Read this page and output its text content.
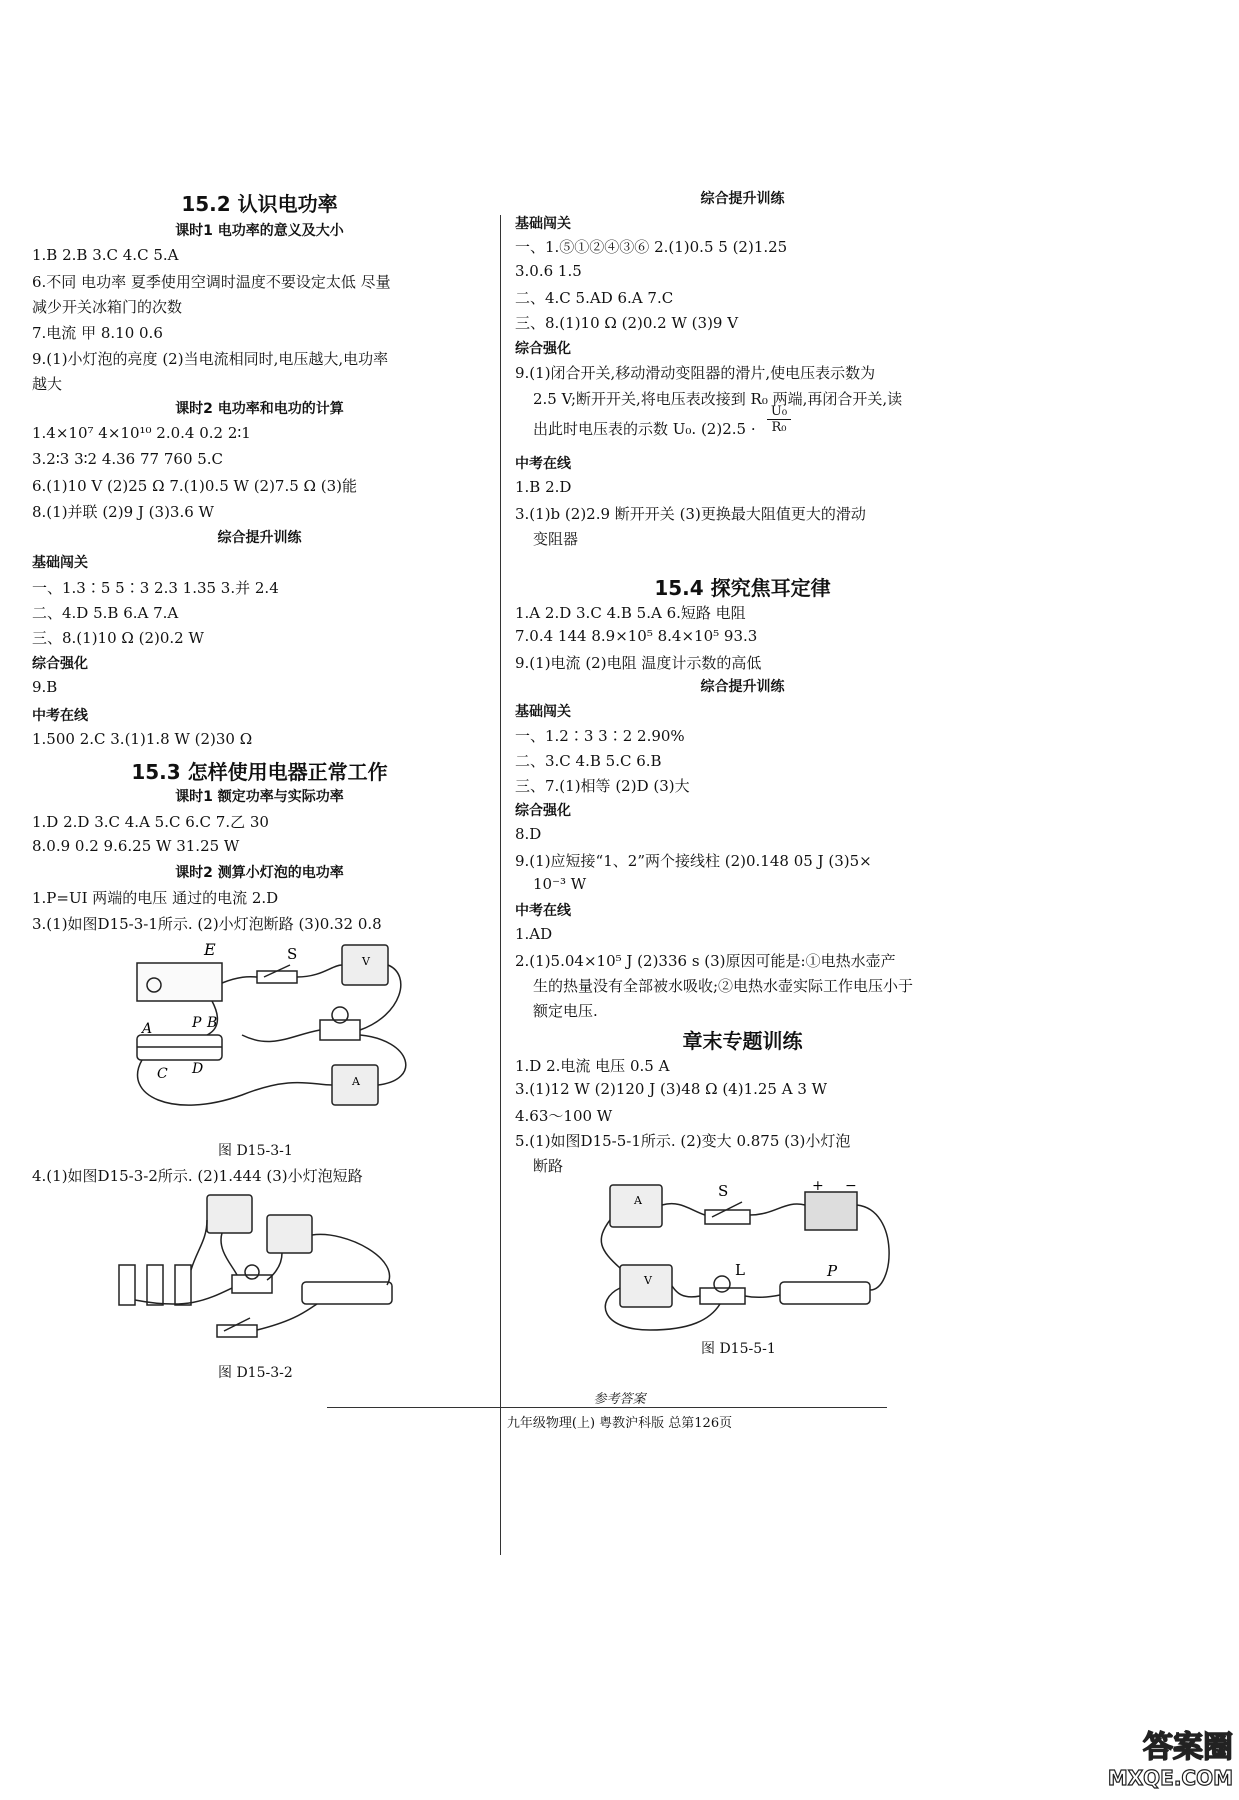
15.2 认识电功率
课时1 电功率的意义及大小
1.B 2.B 3.C 4.C 5.A
6.不同 电功率 夏季使用空调时温度不要设定太低 尽量
减少开关冰箱门的次数
7.电流 甲 8.10 0.6
9.(1)小灯泡的亮度 (2)当电流相同时,电压越大,电功率
越大
课时2 电功率和电功的计算
1.4×10⁷ 4×10¹⁰ 2.0.4 0.2 2∶1
3.2∶3 3∶2 4.36 77 760 5.C
6.(1)10 V (2)25 Ω 7.(1)0.5 W (2)7.5 Ω (3)能
8.(1)并联 (2)9 J (3)3.6 W
综合提升训练
基础闯关
一、1.3∶5 5∶3 2.3 1.35 3.并 2.4
二、4.D 5.B 6.A 7.A
三、8.(1)10 Ω (2)0.2 W
综合强化
9.B
中考在线
1.500 2.C 3.(1)1.8 W (2)30 Ω
15.3 怎样使用电器正常工作
课时1 额定功率与实际功率
1.D 2.D 3.C 4.A 5.C 6.C 7.乙 30
8.0.9 0.2 9.6.25 W 31.25 W
课时2 测算小灯泡的电功率
1.P=UI 两端的电压 通过的电流 2.D
3.(1)如图D15-3-1所示. (2)小灯泡断路 (3)0.32 0.8
E	S	V
A
A	P B
C D
图 D15-3-1
4.(1)如图D15-3-2所示. (2)1.444 (3)小灯泡短路
图 D15-3-2
综合提升训练
基础闯关
一、1.⑤①②④③⑥ 2.(1)0.5 5 (2)1.25
3.0.6 1.5
二、4.C 5.AD 6.A 7.C
三、8.(1)10 Ω (2)0.2 W (3)9 V
综合强化
9.(1)闭合开关,移动滑动变阻器的滑片,使电压表示数为
2.5 V;断开开关,将电压表改接到 R₀ 两端,再闭合开关,读
出此时电压表的示数 U₀. $(2)2.5 \cdot \frac{\text{U₀}}{\text{R₀}}$
中考在线
1.B 2.D
3.(1)b (2)2.9 断开开关 (3)更换最大阻值更大的滑动
变阻器
15.4 探究焦耳定律
1.A 2.D 3.C 4.B 5.A 6.短路 电阻
7.0.4 144 8.9×10⁵ 8.4×10⁵ 93.3
9.(1)电流 (2)电阻 温度计示数的高低
综合提升训练
基础闯关
一、1.2∶3 3∶2 2.90%
二、3.C 4.B 5.C 6.B
三、7.(1)相等 (2)D (3)大
综合强化
8.D
9.(1)应短接“1、2”两个接线柱 (2)0.148 05 J (3)5×
10⁻³ W
中考在线
1.AD
2.(1)5.04×10⁵ J (2)336 s (3)原因可能是:①电热水壶产
生的热量没有全部被水吸收;②电热水壶实际工作电压小于
额定电压.
章末专题训练
1.D 2.电流 电压 0.5 A
3.(1)12 W (2)120 J (3)48 Ω (4)1.25 A 3 W
4.63～100 W
5.(1)如图D15-5-1所示. (2)变大 0.875 (3)小灯泡
断路
A
S	+ −
V
L	P
图 D15-5-1
参考答案
九年级物理(上) 粤教沪科版 总第126页
答案圈
MXQE.COM
